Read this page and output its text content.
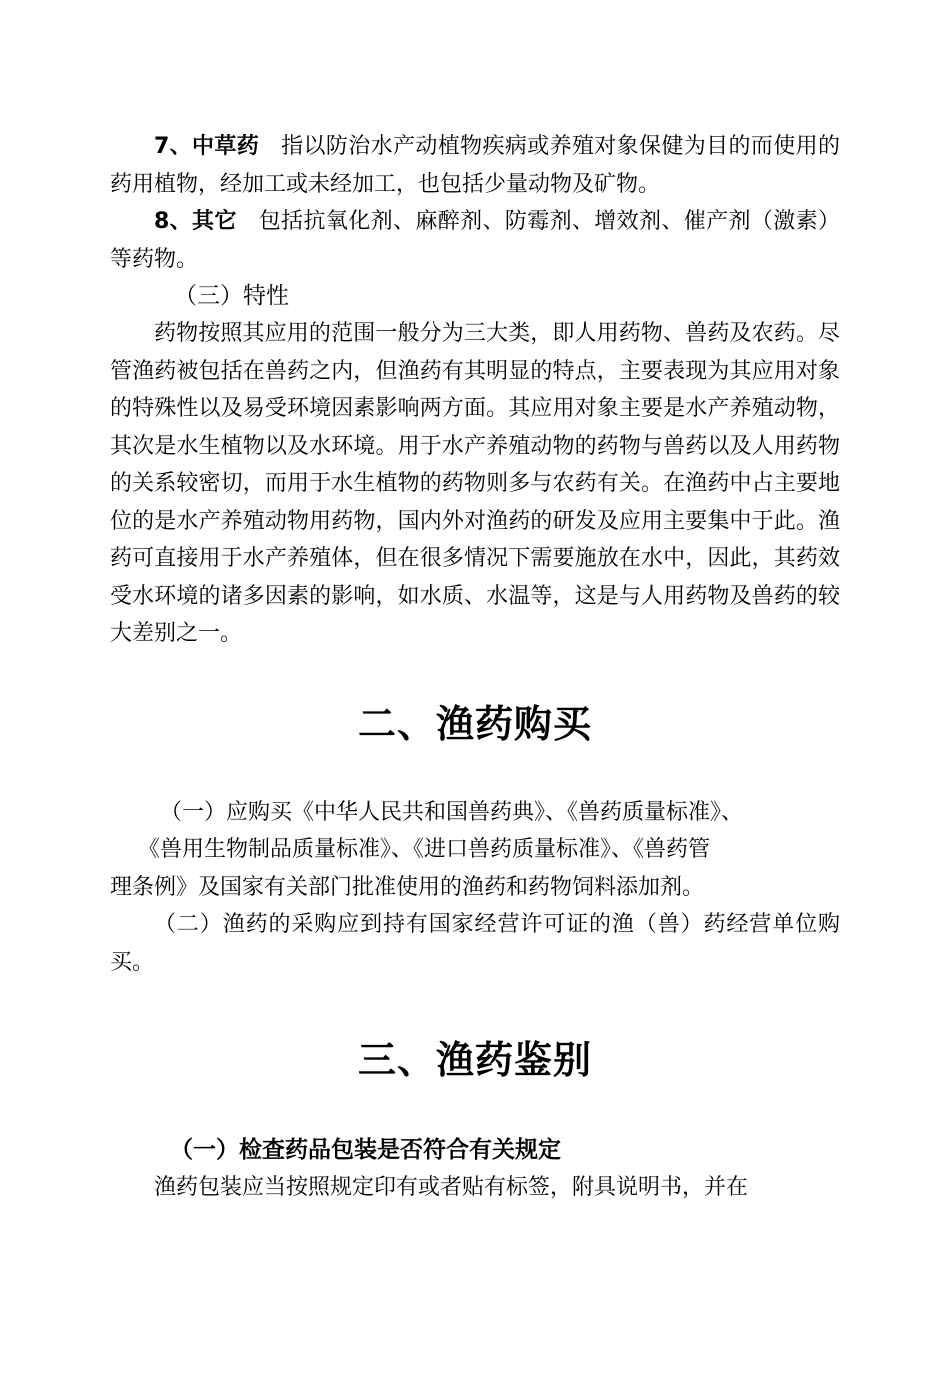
7、中草药 指以防治水产动植物疾病或养殖对象保健为目的而使用的药用植物，经加工或未经加工，也包括少量动物及矿物。

8、其它 包括抗氧化剂、麻醉剂、防霉剂、增效剂、催产剂（激素）等药物。

（三）特性

药物按照其应用的范围一般分为三大类，即人用药物、兽药及农药。尽管渔药被包括在兽药之内，但渔药有其明显的特点，主要表现为其应用对象的特殊性以及易受环境因素影响两方面。其应用对象主要是水产养殖动物，其次是水生植物以及水环境。用于水产养殖动物的药物与兽药以及人用药物的关系较密切，而用于水生植物的药物则多与农药有关。在渔药中占主要地位的是水产养殖动物用药物，国内外对渔药的研发及应用主要集中于此。渔药可直接用于水产养殖体，但在很多情况下需要施放在水中，因此，其药效受水环境的诸多因素的影响，如水质、水温等，这是与人用药物及兽药的较大差别之一。

二、渔药购买

（一）应购买《中华人民共和国兽药典》、《兽药质量标准》、

《兽用生物制品质量标准》、《进口兽药质量标准》、《兽药管

理条例》及国家有关部门批准使用的渔药和药物饲料添加剂。

（二）渔药的采购应到持有国家经营许可证的渔（兽）药经营单位购买。

三、渔药鉴别
（一）检查药品包装是否符合有关规定

渔药包装应当按照规定印有或者贴有标签，附具说明书，并在
